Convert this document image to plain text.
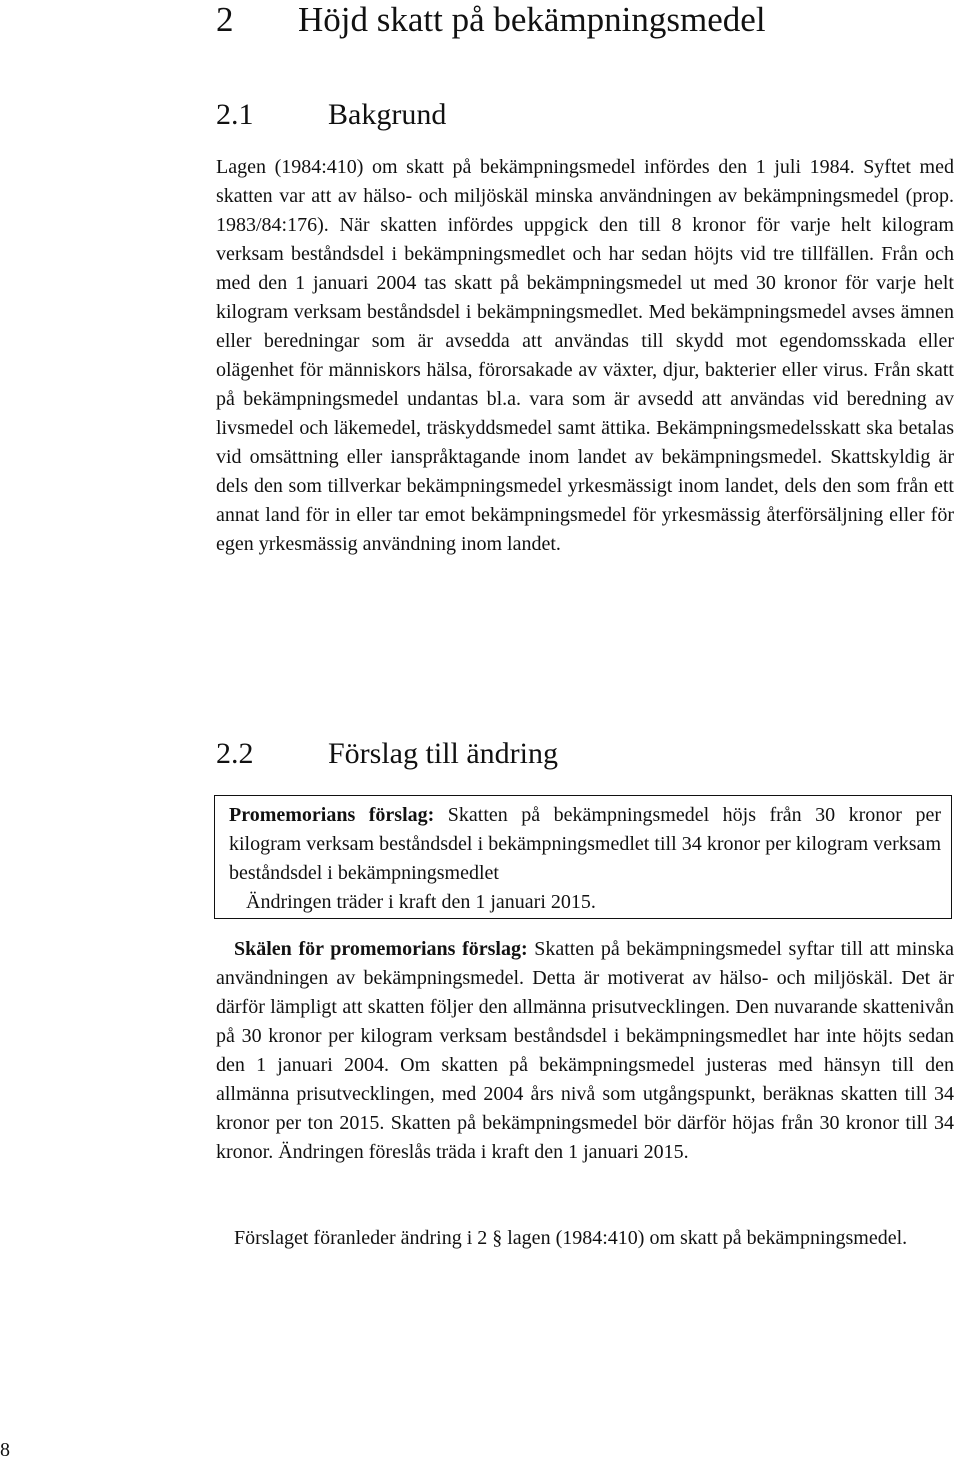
2 Höjd skatt på bekämpningsmedel
2.1 Bakgrund

Lagen (1984:410) om skatt på bekämpningsmedel infördes den 1 juli 1984. Syftet med skatten var att av hälso- och miljöskäl minska användningen av bekämpningsmedel (prop. 1983/84:176). När skatten infördes uppgick den till 8 kronor för varje helt kilogram verksam beståndsdel i bekämpningsmedlet och har sedan höjts vid tre tillfällen. Från och med den 1 januari 2004 tas skatt på bekämpningsmedel ut med 30 kronor för varje helt kilogram verksam beståndsdel i bekämpningsmedlet. Med bekämpningsmedel avses ämnen eller beredningar som är avsedda att användas till skydd mot egendomsskada eller olägenhet för människors hälsa, förorsakade av växter, djur, bakterier eller virus. Från skatt på bekämpningsmedel undantas bl.a. vara som är avsedd att användas vid beredning av livsmedel och läkemedel, träskyddsmedel samt ättika. Bekämpningsmedelsskatt ska betalas vid omsättning eller ianspråktagande inom landet av bekämpningsmedel. Skattskyldig är dels den som tillverkar bekämpningsmedel yrkesmässigt inom landet, dels den som från ett annat land för in eller tar emot bekämpningsmedel för yrkesmässig återförsäljning eller för egen yrkesmässig användning inom landet.

2.2 Förslag till ändring
Promemorians förslag: Skatten på bekämpningsmedel höjs från 30 kronor per kilogram verksam beståndsdel i bekämpningsmedlet till 34 kronor per kilogram verksam beståndsdel i bekämpningsmedlet
Ändringen träder i kraft den 1 januari 2015.

Skälen för promemorians förslag: Skatten på bekämpningsmedel syftar till att minska användningen av bekämpningsmedel. Detta är motiverat av hälso- och miljöskäl. Det är därför lämpligt att skatten följer den allmänna prisutvecklingen. Den nuvarande skattenivån på 30 kronor per kilogram verksam beståndsdel i bekämpningsmedlet har inte höjts sedan den 1 januari 2004. Om skatten på bekämpningsmedel justeras med hänsyn till den allmänna prisutvecklingen, med 2004 års nivå som utgångspunkt, beräknas skatten till 34 kronor per ton 2015. Skatten på bekämpningsmedel bör därför höjas från 30 kronor till 34 kronor. Ändringen föreslås träda i kraft den 1 januari 2015.

Förslaget föranleder ändring i 2 § lagen (1984:410) om skatt på bekämpningsmedel.

8
